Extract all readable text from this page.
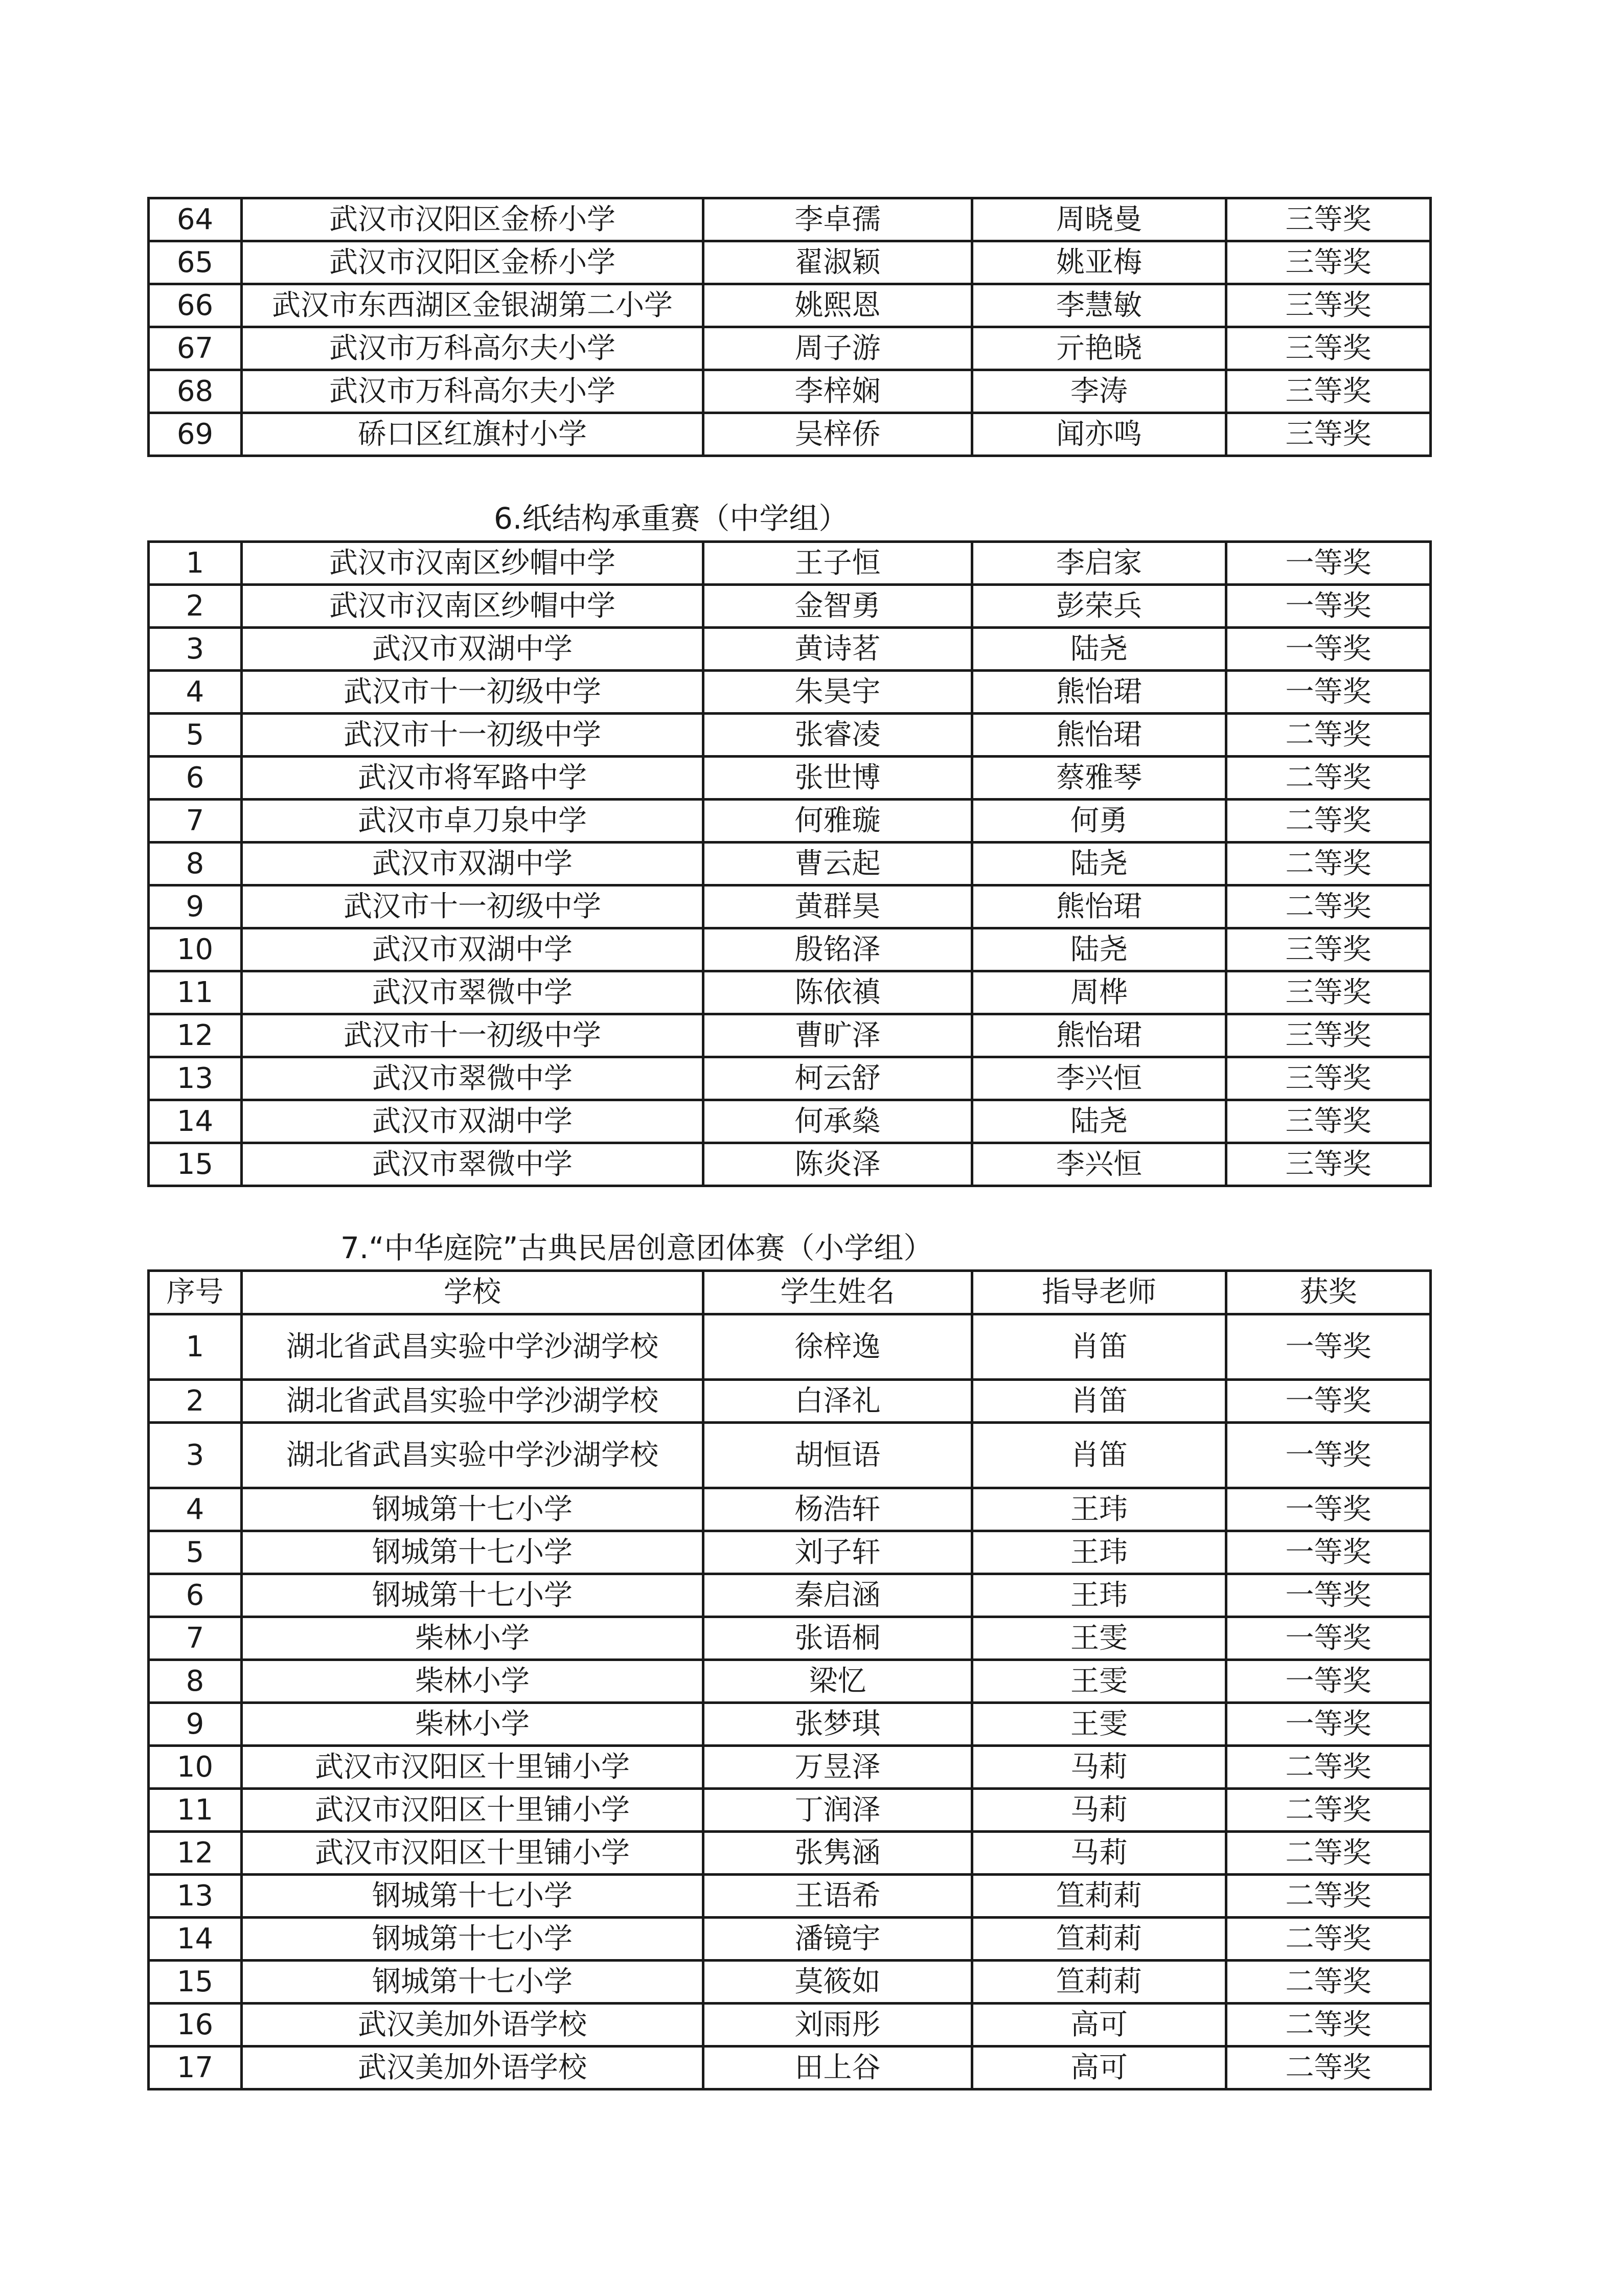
64	武汉市汉阳区金桥小学	李卓孺	周晓曼	三等奖
65	武汉市汉阳区金桥小学	翟淑颖	姚亚梅	三等奖
66	武汉市东西湖区金银湖第二小学	姚熙恩	李慧敏	三等奖
67	武汉市万科高尔夫小学	周子游	亓艳晓	三等奖
68	武汉市万科高尔夫小学	李梓娴	李涛	三等奖
69	硚口区红旗村小学	吴梓侨	闻亦鸣	三等奖
6.纸结构承重赛（中学组）
1	武汉市汉南区纱帽中学	王子恒	李启家	一等奖
2	武汉市汉南区纱帽中学	金智勇	彭荣兵	一等奖
3	武汉市双湖中学	黄诗茗	陆尧	一等奖
4	武汉市十一初级中学	朱昊宇	熊怡珺	一等奖
5	武汉市十一初级中学	张睿凌	熊怡珺	二等奖
6	武汉市将军路中学	张世博	蔡雅琴	二等奖
7	武汉市卓刀泉中学	何雅璇	何勇	二等奖
8	武汉市双湖中学	曹云起	陆尧	二等奖
9	武汉市十一初级中学	黄群昊	熊怡珺	二等奖
10	武汉市双湖中学	殷铭泽	陆尧	三等奖
11	武汉市翠微中学	陈依禛	周桦	三等奖
12	武汉市十一初级中学	曹旷泽	熊怡珺	三等奖
13	武汉市翠微中学	柯云舒	李兴恒	三等奖
14	武汉市双湖中学	何承燊	陆尧	三等奖
15	武汉市翠微中学	陈炎泽	李兴恒	三等奖
7.“中华庭院”古典民居创意团体赛（小学组）
序号	学校	学生姓名	指导老师	获奖
1	湖北省武昌实验中学沙湖学校	徐梓逸	肖笛	一等奖
2	湖北省武昌实验中学沙湖学校	白泽礼	肖笛	一等奖
3	湖北省武昌实验中学沙湖学校	胡恒语	肖笛	一等奖
4	钢城第十七小学	杨浩轩	王玮	一等奖
5	钢城第十七小学	刘子轩	王玮	一等奖
6	钢城第十七小学	秦启涵	王玮	一等奖
7	柴林小学	张语桐	王雯	一等奖
8	柴林小学	梁忆	王雯	一等奖
9	柴林小学	张梦琪	王雯	一等奖
10	武汉市汉阳区十里铺小学	万昱泽	马莉	二等奖
11	武汉市汉阳区十里铺小学	丁润泽	马莉	二等奖
12	武汉市汉阳区十里铺小学	张隽涵	马莉	二等奖
13	钢城第十七小学	王语希	笪莉莉	二等奖
14	钢城第十七小学	潘镜宇	笪莉莉	二等奖
15	钢城第十七小学	莫筱如	笪莉莉	二等奖
16	武汉美加外语学校	刘雨彤	高可	二等奖
17	武汉美加外语学校	田上谷	高可	二等奖
